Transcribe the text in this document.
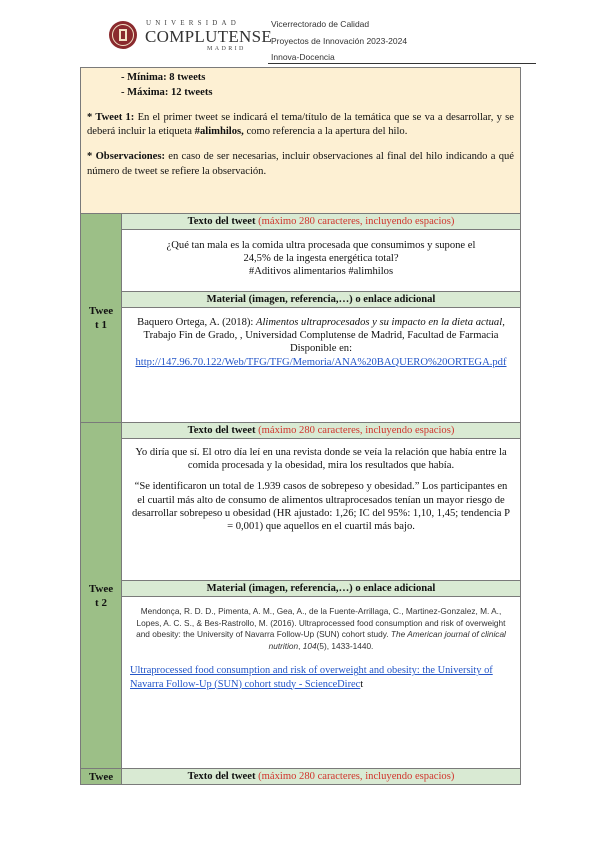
UNIVERSIDAD
COMPLUTENSE
MADRID
Vicerrectorado de Calidad
Proyectos de Innovación 2023-2024
Innova-Docencia

- Mínima: 8 tweets

- Máxima: 12 tweets

* Tweet 1: En el primer tweet se indicará el tema/título de la temática que se va a desarrollar, y se deberá incluir la etiqueta #alimhilos, como referencia a la apertura del hilo.

* Observaciones: en caso de ser necesarias, incluir observaciones al final del hilo indicando a qué número de tweet se refiere la observación.	

Twee
t 1	Texto del tweet (máximo 280 caracteres, incluyendo espacios)

	¿Qué tan mala es la comida ultra procesada que consumimos y supone el

24,5% de la ingesta energética total?

#Aditivos alimentarios #alimhilos

	Material (imagen, referencia,…) o enlace adicional

	Baquero Ortega, A. (2018): Alimentos ultraprocesados y su impacto en la dieta actual, Trabajo Fin de Grado, , Universidad Complutense de Madrid, Facultad de Farmacia

Disponible en:

http://147.96.70.122/Web/TFG/TFG/Memoria/ANA%20BAQUERO%20ORTEGA.pdf

Twee
t 2	Texto del tweet (máximo 280 caracteres, incluyendo espacios)

	Yo diría que sí. El otro día leí en una revista donde se veía la relación que había entre la comida procesada y la obesidad, mira los resultados que había.

“Se identificaron un total de 1.939 casos de sobrepeso y obesidad.” Los participantes en el cuartil más alto de consumo de alimentos ultraprocesados tenían un mayor riesgo de desarrollar sobrepeso u obesidad (HR ajustado: 1,26; IC del 95%: 1,10, 1,45; tendencia P = 0,001) que aquellos en el cuartil más bajo.

	Material (imagen, referencia,…) o enlace adicional

	Mendonça, R. D. D., Pimenta, A. M., Gea, A., de la Fuente-Arrillaga, C., Martinez-Gonzalez, M. A., Lopes, A. C. S., & Bes-Rastrollo, M. (2016). Ultraprocessed food consumption and risk of overweight and obesity: the University of Navarra Follow-Up (SUN) cohort study. The American journal of clinical nutrition, 104(5), 1433-1440.

Ultraprocessed food consumption and risk of overweight and obesity: the University of Navarra Follow-Up (SUN) cohort study - ScienceDirect

Twee	Texto del tweet (máximo 280 caracteres, incluyendo espacios)
